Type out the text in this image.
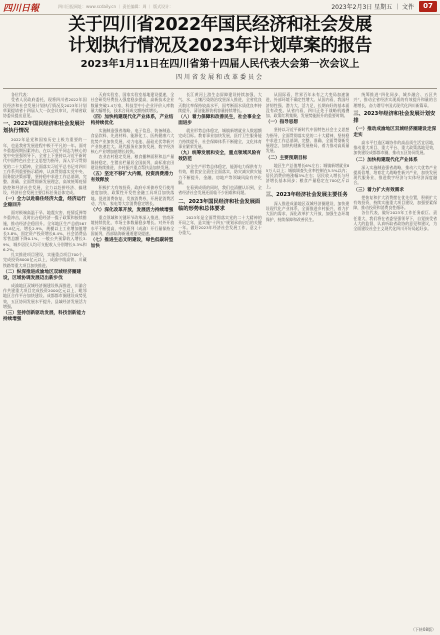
四川日報	四川日报网址：www.scdaily.cn ｜ 责任编辑：周 ｜ 版式设计：	2023年2月3日 星期五 ｜ 文件	07
关于四川省2022年国民经济和社会发展
计划执行情况及2023年计划草案的报告
2023年1月11日在四川省第十四届人民代表大会第一次会议上
四川省发展和改革委员会

各位代表：

受省人民政府委托，现将四川省2022年国民经济和社会发展计划执行情况及2023年计划草案提请省十四届人大一次会议审议，并请省政协委员提出意见。

一、2022年国民经济和社会发展计划执行情况

2022年是党和国家历史上极为重要的一年，也是我省发展进程中极不平凡的一年。面对多重超预期因素冲击，在以习近平同志为核心的党中央坚强领导下，全省上下坚持以习近平新时代中国特色社会主义思想为指导，深入学习贯彻党的二十大精神，全面落实习近平总书记对四川工作系列重要指示精神，认真贯彻落实党中央、国务院决策部署，坚持稳中求进工作总基调，完整、准确、全面贯彻新发展理念，高效统筹疫情防控和经济社会发展，全力以赴拼经济、搞建设，经济社会发展主要目标任务总体完成。

（一）全力以赴稳住经济大盘，经济运行企稳回升

面对极端高温干旱、地震灾害、疫情反弹等多重冲击，及时出台稳经济一揽子政策和接续措施，推动经济企稳回升。全年地区生产总值56749.8亿元、增长2.9%，规模以上工业增加值增长3.8%，固定资产投资增长8.4%，社会消费品零售总额下降0.1%，一般公共预算收入增长3.9%，城乡居民人均可支配收入分别增长5.3%和6.2%。

扎实推进项目建设，实施重点项目700个，完成投资8000亿元以上，成渝中线高铁、川藏铁路等重大项目加快推进。

（二）纵深推进成渝地区双城经济圈建设，区域协调发展迈出新步伐

成渝地区双城经济圈建设纵深推进，川渝合作共建重大项目完成投资2000亿元以上，毗邻地区合作平台加快建设。成都都市圈建设成势见效，五区协同发展水平提升，县域经济发展活力增强。

（三）坚持创新驱动发展，科技创新能力持续增强

天府实验室、国家实验室基地建设提速，全社会研发经费投入强度稳步提高，高新技术企业数量突破1.4万家，科技型中小企业评价入库数量大幅增长，技术合同成交额持续增长。

（四）加快构建现代化产业体系，产业结构持续优化

实施制造强省战略，电子信息、装备制造、食品饮料、先进材料、能源化工、医药健康六大优势产业加快发展，动力电池、晶硅光伏等新兴产业快速壮大。现代服务业加快发展，数字经济核心产业增加值增长较快。

农业农村稳定发展，粮食播种面积和总产量保持稳定，生猪出栏量居全国前列，高标准农田建设持续推进，乡村振兴重点帮扶县加快发展。

（五）坚定不移扩大内需，投资消费潜力有效释放

积极扩大有效投资，政府专项债券发行使用进度加快，政策性开发性金融工具项目加快落地。促进消费恢复，发放消费券，开展促消费活动，汽车、家电等大宗消费稳定增长。

（六）深化改革开放，发展活力持续增强

重点领域和关键环节改革深入推进，营商环境持续优化，市场主体数量稳步增长。对外开放水平不断提高，中欧班列（成渝）开行量保持全国前列，西部陆海新通道建设提速。

（七）推进生态文明建设，绿色低碳转型加快

长江黄河上游生态屏障建设持续加强，大气、水、土壤污染防治攻坚深入推进，全省优良天数比率保持较高水平，国考断面水质优良率持续提升，清洁能源装机容量持续增长。

（八）着力保障和改善民生，社会事业全面进步

就业形势总体稳定，城镇新增就业人数超额完成目标。教育事业加快发展，医疗卫生服务能力持续提升，社会保障体系不断健全，文化体育事业繁荣发展。

（九）统筹发展和安全，重点领域风险有效防范

安全生产形势总体稳定，能源电力保供有力有效，粮食安全责任全面落实，防灾减灾救灾能力不断提升，金融、房地产等领域风险有序化解。

在看到成绩的同时，我们也清醒认识到，全省经济社会发展还面临不少困难和问题。

二、2023年国民经济和社会发展面临的形势和总体要求

2023年是全面贯彻落实党的二十大精神的开局之年，是实施“十四五”规划承前启后的关键一年。做好2023年经济社会发展工作，意义十分重大。

从国际看，世界百年未有之大变局加速演进，外部环境不确定性增大。从国内看，我国经济韧性强、潜力大、活力足，长期向好的基本面没有改变。从省内看，四川正处于战略机遇叠加、政策红利集聚、发展势能跃升的重要时期。

（一）指导思想

坚持以习近平新时代中国特色社会主义思想为指导，全面贯彻落实党的二十大精神，坚持稳中求进工作总基调，完整、准确、全面贯彻新发展理念，加快构建新发展格局，着力推动高质量发展。

（二）主要预期目标

地区生产总值增长6%左右；城镇新增就业85万人以上；城镇调查失业率控制在5.5%以内；居民消费价格涨幅3%左右；居民收入增长与经济增长基本同步；粮食产量稳定在700亿斤以上。

三、2023年经济社会发展主要任务

深入推进成渝地区双城经济圈建设，加快建设现代化产业体系，全面推进乡村振兴，着力扩大国内需求，深化改革扩大开放，加强生态环境保护，持续保障和改善民生。

统筹推进“四化同步、城乡融合、五区共兴”，推动全省经济实现质的有效提升和量的合理增长，奋力谱写中国式现代化四川新篇章。

三、2023年经济和社会发展计划安排

（一）推动成渝地区双城经济圈建设走深走实

高水平打造区域协作的高品质生活宜居地，推动重大项目、重大平台、重大政策落地见效，加快建设成都都市圈，推动五区协同发展。

（二）加快构建现代化产业体系

深入实施制造强省战略，推动六大优势产业提质倍增，培育壮大战略性新兴产业，加快发展现代服务业，推进数字经济与实体经济深度融合。

（三）着力扩大有效需求

把恢复和扩大消费摆在优先位置，积极扩大有效投资，持续实施重大项目建设，加强要素保障，推动投资和消费良性循环。

各位代表，做好2023年工作任务艰巨、责任重大，我们将在省委坚强领导下，自觉接受省人大的监督，认真听取省政协的意见和建议，为全面建设社会主义现代化四川开好局起好步。

（下转08版）
